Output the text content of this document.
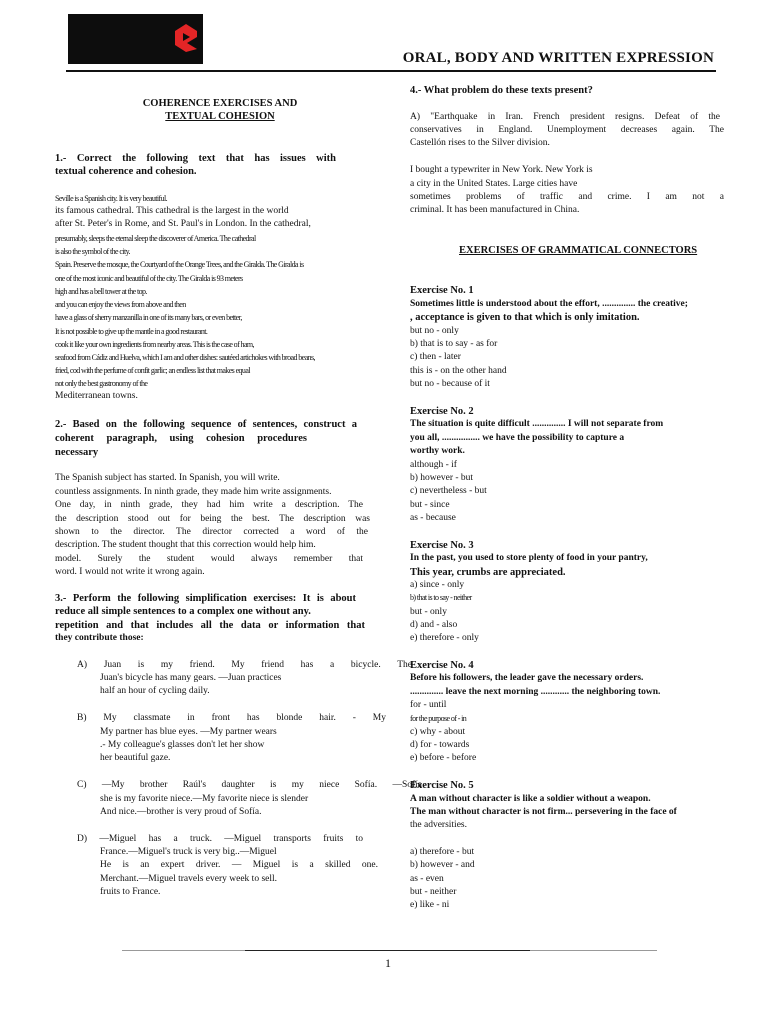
ORAL, BODY AND WRITTEN EXPRESSION
COHERENCE EXERCISES AND
TEXTUAL COHESION
1.- Correct the following text that has issues with
textual coherence and cohesion.
Seville is a Spanish city. It is very beautiful.
its famous cathedral. This cathedral is the largest in the world
after St. Peter's in Rome, and St. Paul's in London. In the cathedral,
presumably, sleeps the eternal sleep the discoverer of America. The cathedral
is also the symbol of the city.
Spain. Preserve the mosque, the Courtyard of the Orange Trees, and the Giralda. The Giralda is
one of the most iconic and beautiful of the city. The Giralda is 93 meters
high and has a bell tower at the top.
and you can enjoy the views from above and then
have a glass of sherry manzanilla in one of its many bars, or even better,
It is not possible to give up the mantle in a good restaurant.
cook it like your own ingredients from nearby areas. This is the case of ham,
seafood from Cádiz and Huelva, which I am and other dishes: sautéed artichokes with broad beans,
fried, cod with the perfume of confit garlic; an endless list that makes equal
not only the best gastronomy of the
Mediterranean towns.
2.- Based on the following sequence of sentences, construct a
coherent paragraph, using cohesion procedures
necessary
The Spanish subject has started. In Spanish, you will write.
countless assignments. In ninth grade, they made him write assignments.
One day, in ninth grade, they had him write a description. The
the description stood out for being the best. The description was
shown to the director. The director corrected a word of the
description. The student thought that this correction would help him.
model. Surely the student would always remember that
word. I would not write it wrong again.
3.- Perform the following simplification exercises: It is about
reduce all simple sentences to a complex one without any.
repetition and that includes all the data or information that
they contribute those:
A) Juan is my friend. My friend has a bicycle. The
Juan's bicycle has many gears. —Juan practices
half an hour of cycling daily.
B) My classmate in front has blonde hair. - My
My partner has blue eyes. —My partner wears
.- My colleague's glasses don't let her show
her beautiful gaze.
C) —My brother Raúl's daughter is my niece Sofía. —Sofía
she is my favorite niece.—My favorite niece is slender
And nice.—brother is very proud of Sofía.
D) —Miguel has a truck. —Miguel transports fruits to
France.—Miguel's truck is very big..—Miguel
He is an expert driver. — Miguel is a skilled one.
Merchant.—Miguel travels every week to sell.
fruits to France.
4.- What problem do these texts present?
A) "Earthquake in Iran. French president resigns. Defeat of the
conservatives in England. Unemployment decreases again. The
Castellón rises to the Silver division.
I bought a typewriter in New York. New York is
a city in the United States. Large cities have
sometimes problems of traffic and crime. I am not a
criminal. It has been manufactured in China.
EXERCISES OF GRAMMATICAL CONNECTORS
Exercise No. 1
Sometimes little is understood about the effort, .............. the creative;
, acceptance is given to that which is only imitation.
but no - only
b) that is to say - as for
c) then - later
this is - on the other hand
but no - because of it
Exercise No. 2
The situation is quite difficult .............. I will not separate from
you all, ................ we have the possibility to capture a
worthy work.
although - if
b) however - but
c) nevertheless - but
but - since
as - because
Exercise No. 3
In the past, you used to store plenty of food in your pantry,
This year, crumbs are appreciated.
a) since - only
b) that is to say - neither
but - only
d) and - also
e) therefore - only
Exercise No. 4
Before his followers, the leader gave the necessary orders.
.............. leave the next morning ............ the neighboring town.
for - until
for the purpose of - in
c) why - about
d) for - towards
e) before - before
Exercise No. 5
A man without character is like a soldier without a weapon.
The man without character is not firm... persevering in the face of
the adversities.
a) therefore - but
b) however - and
as - even
but - neither
e) like - ni
1
